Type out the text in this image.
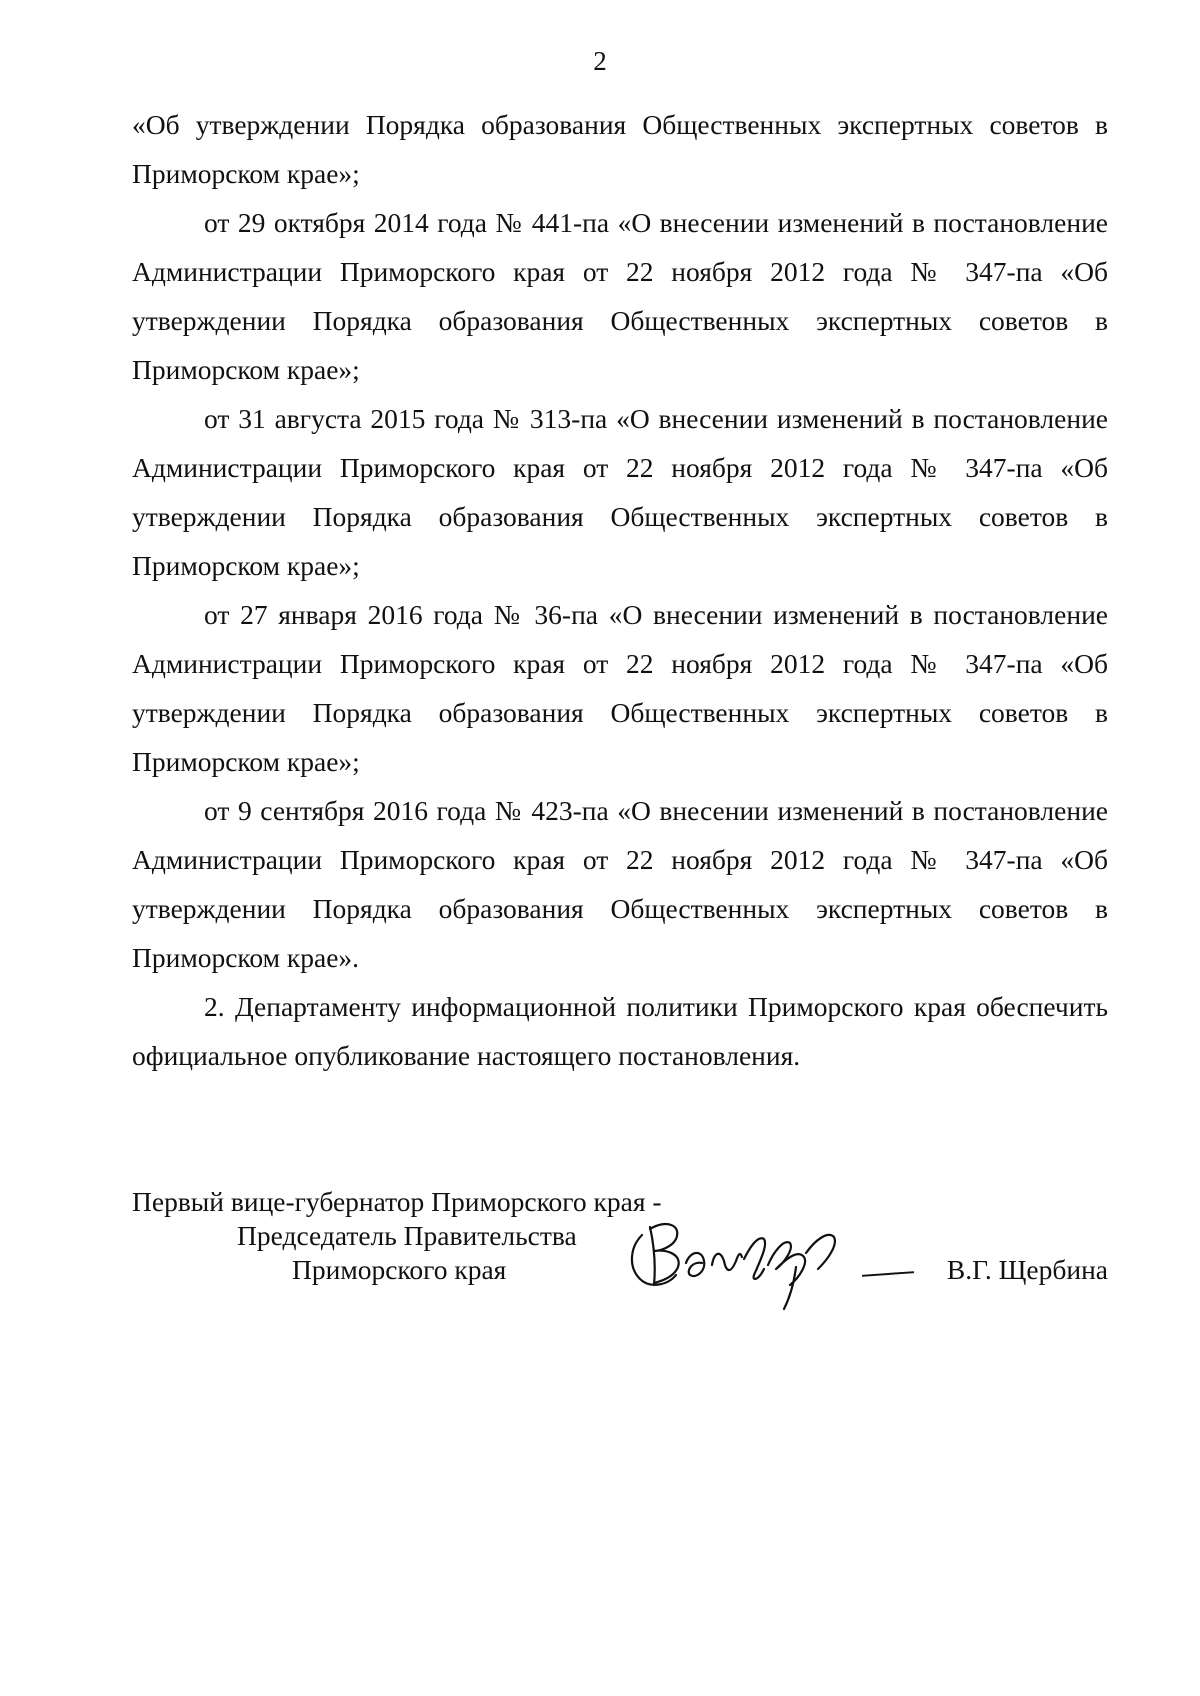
2

«Об утверждении Порядка образования Общественных экспертных советов в Приморском крае»;

от 29 октября 2014 года № 441-па «О внесении изменений в постановление Администрации Приморского края от 22 ноября 2012 года № 347-па «Об утверждении Порядка образования Общественных экспертных советов в Приморском крае»;

от 31 августа 2015 года № 313-па «О внесении изменений в постановление Администрации Приморского края от 22 ноября 2012 года № 347-па «Об утверждении Порядка образования Общественных экспертных советов в Приморском крае»;

от 27 января 2016 года № 36-па «О внесении изменений в постановление Администрации Приморского края от 22 ноября 2012 года № 347-па «Об утверждении Порядка образования Общественных экспертных советов в Приморском крае»;

от 9 сентября 2016 года № 423-па «О внесении изменений в постановление Администрации Приморского края от 22 ноября 2012 года № 347-па «Об утверждении Порядка образования Общественных экспертных советов в Приморском крае».

2. Департаменту информационной политики Приморского края обеспечить официальное опубликование настоящего постановления.

Первый вице-губернатор Приморского края -
Председатель Правительства
Приморского края	В.Г. Щербина
